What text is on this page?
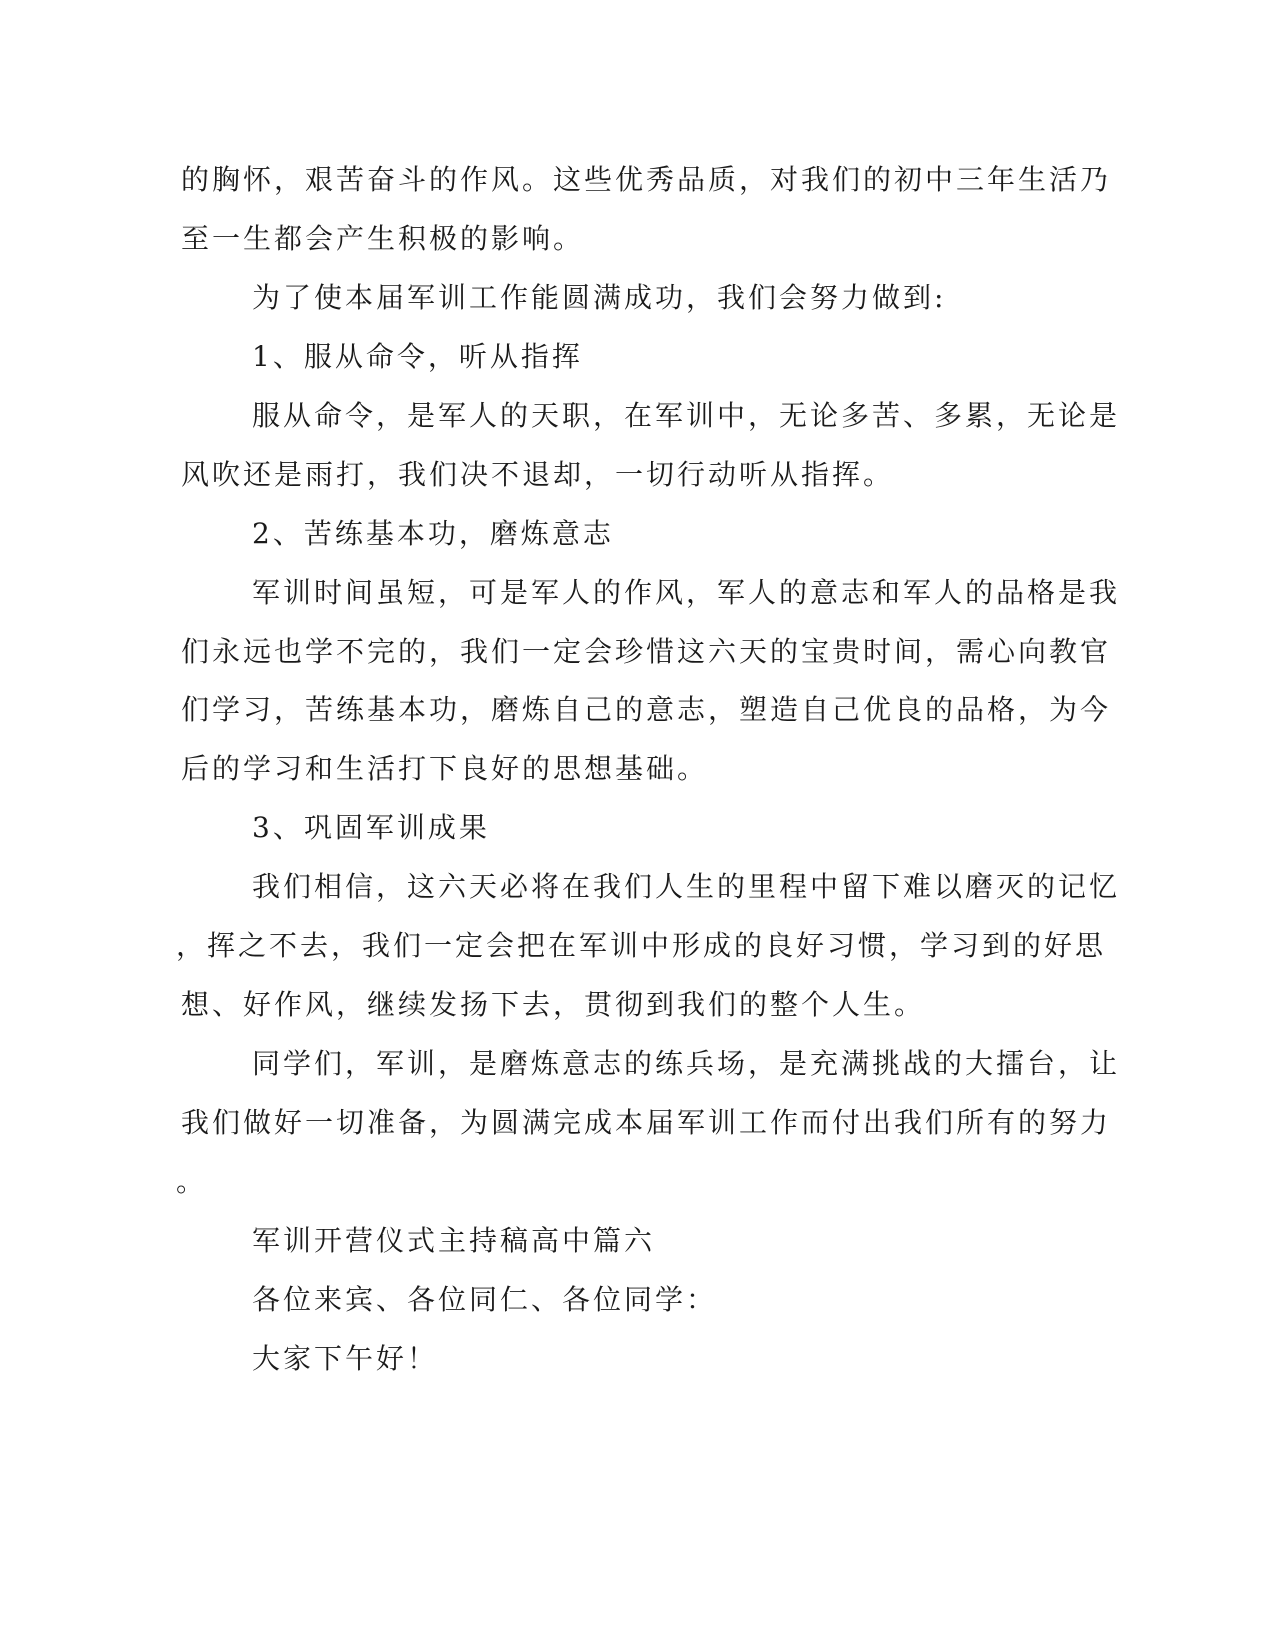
的胸怀，艰苦奋斗的作风。这些优秀品质，对我们的初中三年生活乃
至一生都会产生积极的影响。
为了使本届军训工作能圆满成功，我们会努力做到:
1、服从命令，听从指挥
服从命令，是军人的天职，在军训中，无论多苦、多累，无论是
风吹还是雨打，我们决不退却，一切行动听从指挥。
2、苦练基本功，磨炼意志
军训时间虽短，可是军人的作风，军人的意志和军人的品格是我
们永远也学不完的，我们一定会珍惜这六天的宝贵时间，需心向教官
们学习，苦练基本功，磨炼自己的意志，塑造自己优良的品格，为今
后的学习和生活打下良好的思想基础。
3、巩固军训成果
我们相信，这六天必将在我们人生的里程中留下难以磨灭的记忆
，挥之不去，我们一定会把在军训中形成的良好习惯，学习到的好思
想、好作风，继续发扬下去，贯彻到我们的整个人生。
同学们，军训，是磨炼意志的练兵场，是充满挑战的大擂台，让
我们做好一切准备，为圆满完成本届军训工作而付出我们所有的努力
。
军训开营仪式主持稿高中篇六
各位来宾、各位同仁、各位同学：
大家下午好！
